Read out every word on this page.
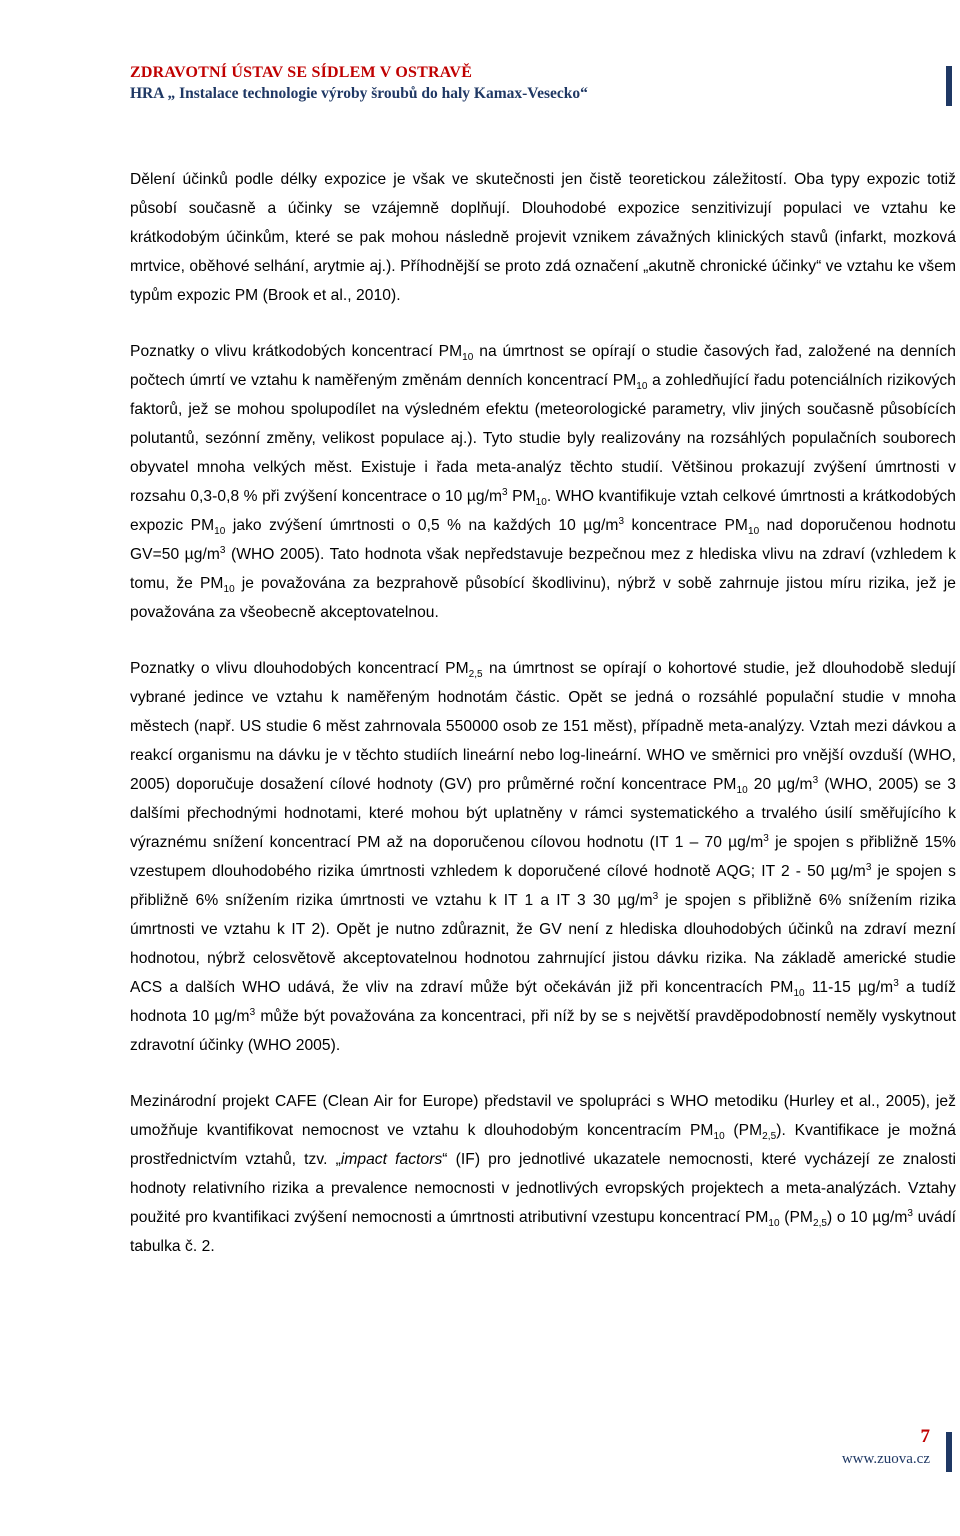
ZDRAVOTNÍ ÚSTAV SE SÍDLEM V OSTRAVĚ
HRA „ Instalace technologie výroby šroubů do haly Kamax-Vesecko“

Dělení účinků podle délky expozice je však ve skutečnosti jen čistě teoretickou záležitostí. Oba typy expozic totiž působí současně a účinky se vzájemně doplňují. Dlouhodobé expozice senzitivizují populaci ve vztahu ke krátkodobým účinkům, které se pak mohou následně projevit vznikem závažných klinických stavů (infarkt, mozková mrtvice, oběhové selhání, arytmie aj.). Příhodnější se proto zdá označení „akutně chronické účinky“ ve vztahu ke všem typům expozic PM (Brook et al., 2010).

Poznatky o vlivu krátkodobých koncentrací $PM_{10}$ na úmrtnost se opírají o studie časových řad, založené na denních počtech úmrtí ve vztahu k naměřeným změnám denních koncentrací $PM_{10}$ a zohledňující řadu potenciálních rizikových faktorů, jež se mohou spolupodílet na výsledném efektu (meteorologické parametry, vliv jiných současně působících polutantů, sezónní změny, velikost populace aj.). Tyto studie byly realizovány na rozsáhlých populačních souborech obyvatel mnoha velkých měst. Existuje i řada meta-analýz těchto studií. Většinou prokazují zvýšení úmrtnosti v rozsahu 0,3-0,8 % při zvýšení koncentrace o 10 $\mu g/m^3$ $PM_{10}$. WHO kvantifikuje vztah celkové úmrtnosti a krátkodobých expozic $PM_{10}$ jako zvýšení úmrtnosti o 0,5 % na každých 10 $\mu g/m^3$ koncentrace $PM_{10}$ nad doporučenou hodnotu GV=50 $\mu g/m^3$ (WHO 2005). Tato hodnota však nepředstavuje bezpečnou mez z hlediska vlivu na zdraví (vzhledem k tomu, že $PM_{10}$ je považována za bezprahově působící škodlivinu), nýbrž v sobě zahrnuje jistou míru rizika, jež je považována za všeobecně akceptovatelnou.

Poznatky o vlivu dlouhodobých koncentrací $PM_{2,5}$ na úmrtnost se opírají o kohortové studie, jež dlouhodobě sledují vybrané jedince ve vztahu k naměřeným hodnotám částic. Opět se jedná o rozsáhlé populační studie v mnoha městech (např. US studie 6 měst zahrnovala 550000 osob ze 151 měst), případně meta-analýzy. Vztah mezi dávkou a reakcí organismu na dávku je v těchto studiích lineární nebo log-lineární. WHO ve směrnici pro vnější ovzduší (WHO, 2005) doporučuje dosažení cílové hodnoty (GV) pro průměrné roční koncentrace $PM_{10}$ 20 $\mu g/m^3$ (WHO, 2005) se 3 dalšími přechodnými hodnotami, které mohou být uplatněny v rámci systematického a trvalého úsilí směřujícího k výraznému snížení koncentrací PM až na doporučenou cílovou hodnotu (IT 1 – 70 $\mu g/m^3$ je spojen s přibližně 15% vzestupem dlouhodobého rizika úmrtnosti vzhledem k doporučené cílové hodnotě AQG; IT 2 - 50 $\mu g/m^3$ je spojen s přibližně 6% snížením rizika úmrtnosti ve vztahu k IT 1 a IT 3 30 $\mu g/m^3$ je spojen s přibližně 6% snížením rizika úmrtnosti ve vztahu k IT 2). Opět je nutno zdůraznit, že GV není z hlediska dlouhodobých účinků na zdraví mezní hodnotou, nýbrž celosvětově akceptovatelnou hodnotou zahrnující jistou dávku rizika. Na základě americké studie ACS a dalších WHO udává, že vliv na zdraví může být očekáván již při koncentracích $PM_{10}$ 11-15 $\mu g/m^3$ a tudíž hodnota 10 $\mu g/m^3$ může být považována za koncentraci, při níž by se s největší pravděpodobností neměly vyskytnout zdravotní účinky (WHO 2005).

Mezinárodní projekt CAFE (Clean Air for Europe) představil ve spolupráci s WHO metodiku (Hurley et al., 2005), jež umožňuje kvantifikovat nemocnost ve vztahu k dlouhodobým koncentracím $PM_{10}$ $(PM_{2,5})$. Kvantifikace je možná prostřednictvím vztahů, tzv. „impact factors“ (IF) pro jednotlivé ukazatele nemocnosti, které vycházejí ze znalosti hodnoty relativního rizika a prevalence nemocnosti v jednotlivých evropských projektech a meta-analýzách. Vztahy použité pro kvantifikaci zvýšení nemocnosti a úmrtnosti atributivní vzestupu koncentrací $PM_{10}$ $(PM_{2,5})$ o 10 $\mu g/m^3$ uvádí tabulka č. 2.

7
www.zuova.cz
